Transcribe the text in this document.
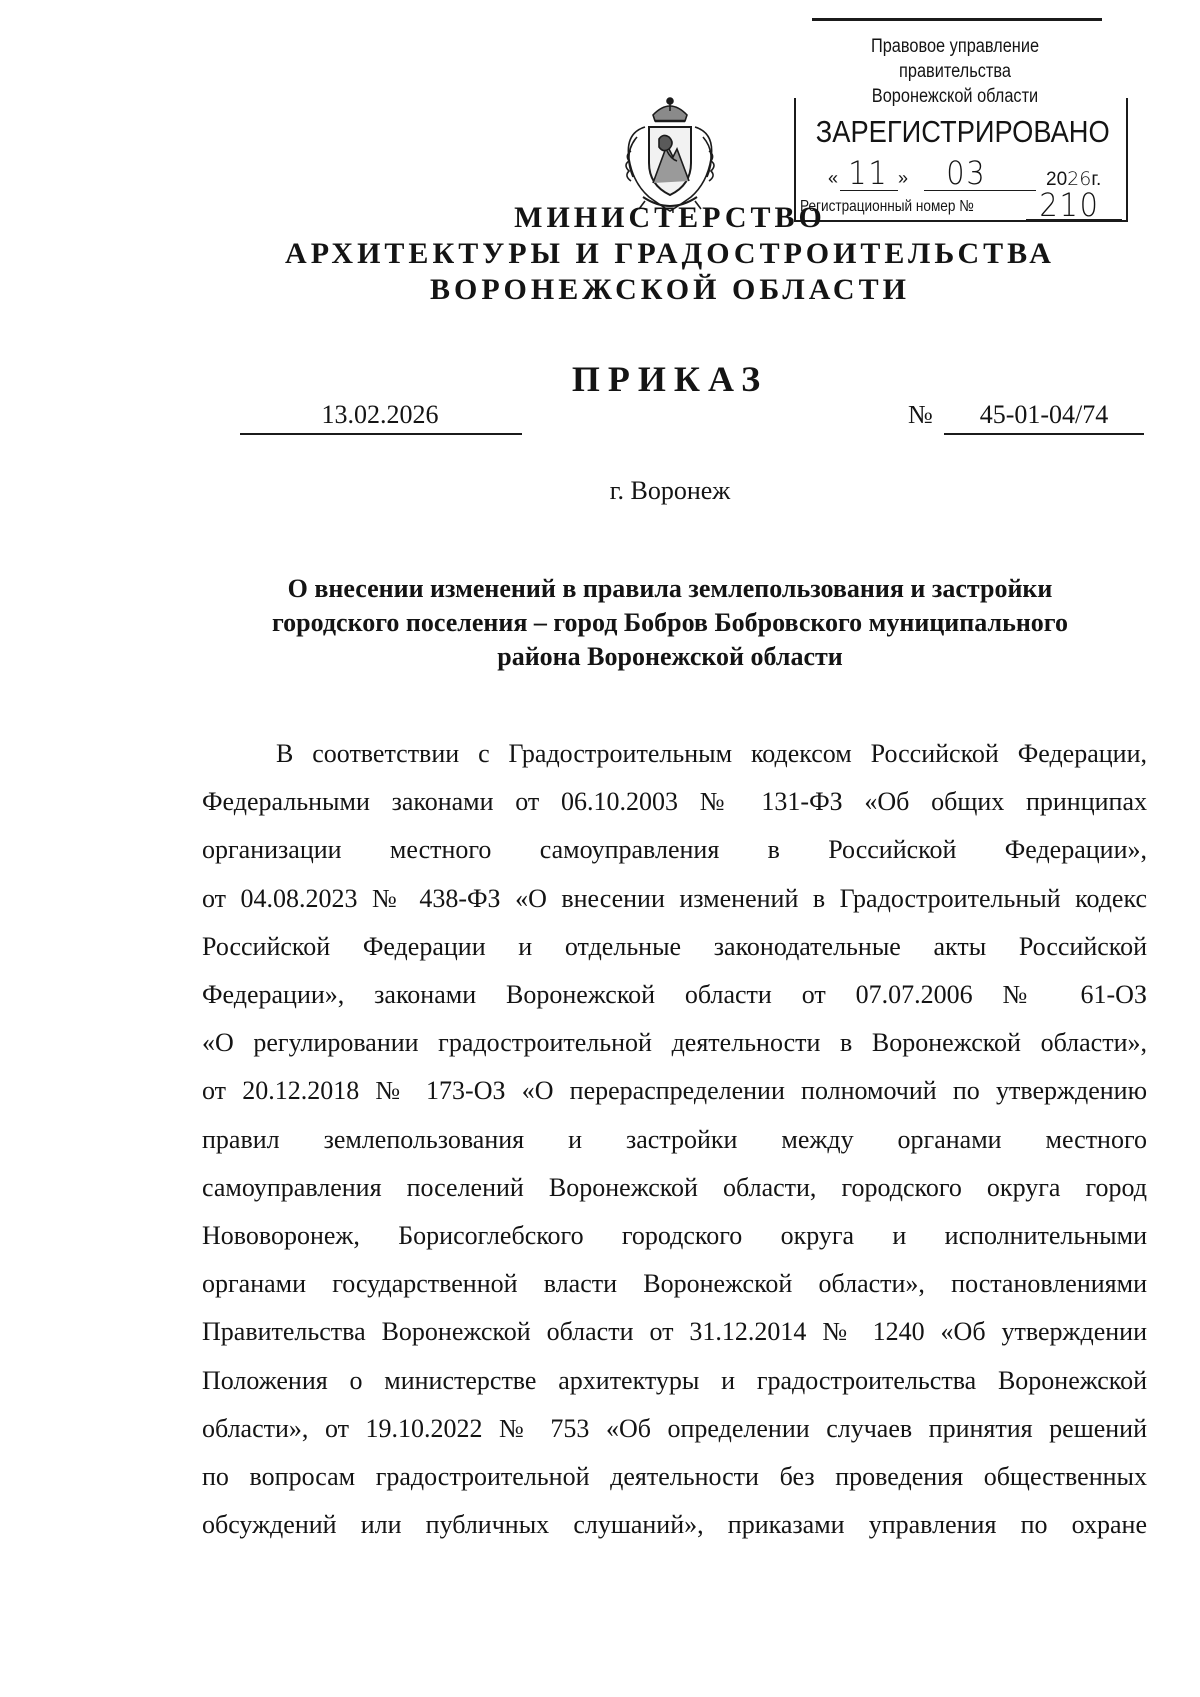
Правовое управление правительства
Воронежской области
ЗАРЕГИСТРИРОВАНО
« 11 » 03	2026г.
Регистрационный номер №	210
МИНИСТЕРСТВО
АРХИТЕКТУРЫ И ГРАДОСТРОИТЕЛЬСТВА
ВОРОНЕЖСКОЙ ОБЛАСТИ
ПРИКАЗ
13.02.2026	№	45-01-04/74
г. Воронеж
О внесении изменений в правила землепользования и застройки
городского поселения – город Бобров Бобровского муниципального
района Воронежской области
В соответствии с Градостроительным кодексом Российской Федерации,
Федеральными законами от 06.10.2003 № 131-ФЗ «Об общих принципах
организации местного самоуправления в Российской Федерации»,
от 04.08.2023 № 438-ФЗ «О внесении изменений в Градостроительный кодекс
Российской Федерации и отдельные законодательные акты Российской
Федерации», законами Воронежской области от 07.07.2006 № 61-ОЗ
«О регулировании градостроительной деятельности в Воронежской области»,
от 20.12.2018 № 173-ОЗ «О перераспределении полномочий по утверждению
правил землепользования и застройки между органами местного
самоуправления поселений Воронежской области, городского округа город
Нововоронеж, Борисоглебского городского округа и исполнительными
органами государственной власти Воронежской области», постановлениями
Правительства Воронежской области от 31.12.2014 № 1240 «Об утверждении
Положения о министерстве архитектуры и градостроительства Воронежской
области», от 19.10.2022 № 753 «Об определении случаев принятия решений
по вопросам градостроительной деятельности без проведения общественных
обсуждений или публичных слушаний», приказами управления по охране
